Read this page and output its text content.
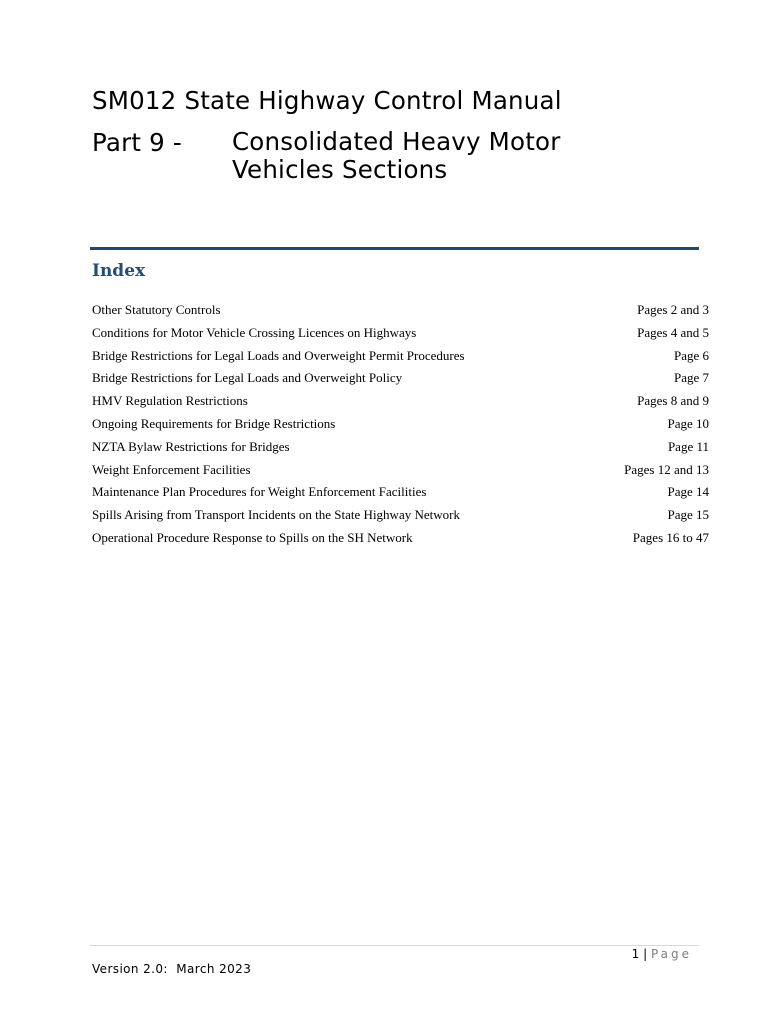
SM012 State Highway Control Manual
Part 9 - Consolidated Heavy Motor Vehicles Sections
Index
Other Statutory Controls	Pages 2 and 3
Conditions for Motor Vehicle Crossing Licences on Highways	Pages 4 and 5
Bridge Restrictions for Legal Loads and Overweight Permit Procedures	Page 6
Bridge Restrictions for Legal Loads and Overweight Policy	Page 7
HMV Regulation Restrictions	Pages 8 and 9
Ongoing Requirements for Bridge Restrictions	Page 10
NZTA Bylaw Restrictions for Bridges	Page 11
Weight Enforcement Facilities	Pages 12 and 13
Maintenance Plan Procedures for Weight Enforcement Facilities	Page 14
Spills Arising from Transport Incidents on the State Highway Network	Page 15
Operational Procedure Response to Spills on the SH Network	Pages 16 to 47
1 | Page
Version 2.0:  March 2023
